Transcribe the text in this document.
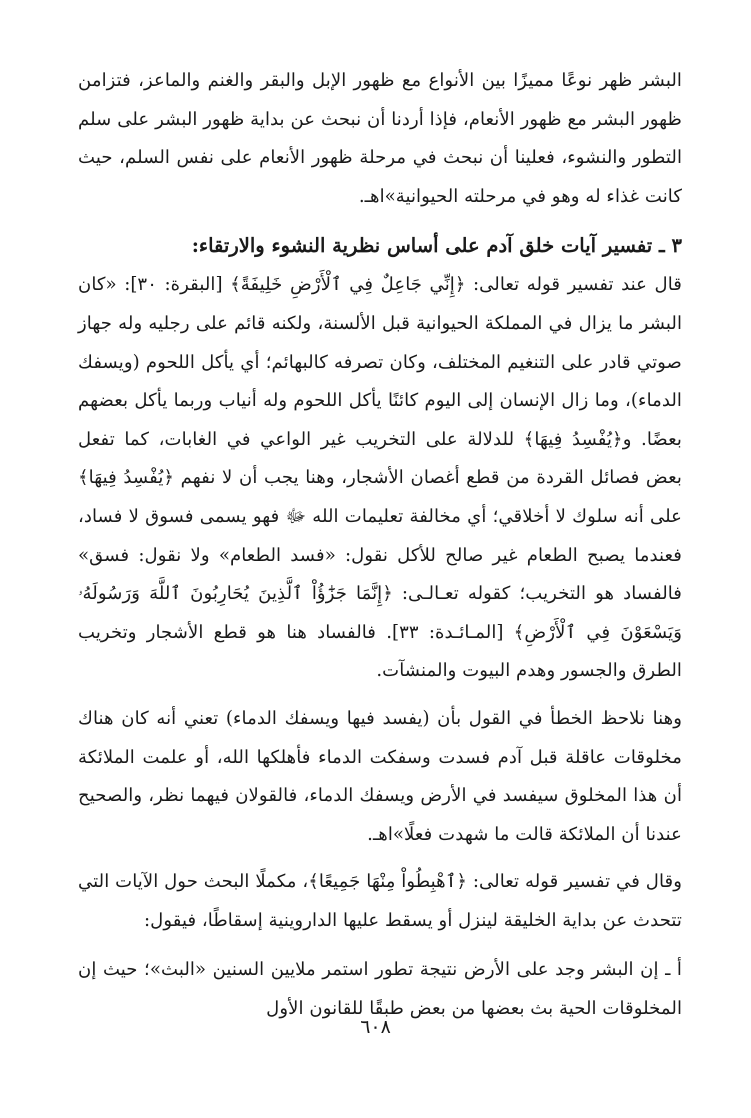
البشر ظهر نوعًا مميزًا بين الأنواع مع ظهور الإبل والبقر والغنم والماعز، فتزامن ظهور البشر مع ظهور الأنعام، فإذا أردنا أن نبحث عن بداية ظهور البشر على سلم التطور والنشوء، فعلينا أن نبحث في مرحلة ظهور الأنعام على نفس السلم، حيث كانت غذاء له وهو في مرحلته الحيوانية»اهـ.

٣ ـ تفسير آيات خلق آدم على أساس نظرية النشوء والارتقاء:

قال عند تفسير قوله تعالى: ﴿إِنِّي جَاعِلٌ فِي ٱلْأَرْضِ خَلِيفَةً﴾ [البقرة: ٣٠]: «كان البشر ما يزال في المملكة الحيوانية قبل الألسنة، ولكنه قائم على رجليه وله جهاز صوتي قادر على التنغيم المختلف، وكان تصرفه كالبهائم؛ أي يأكل اللحوم (ويسفك الدماء)، وما زال الإنسان إلى اليوم كائنًا يأكل اللحوم وله أنياب وربما يأكل بعضهم بعضًا. و﴿يُفْسِدُ فِيهَا﴾ للدلالة على التخريب غير الواعي في الغابات، كما تفعل بعض فصائل القردة من قطع أغصان الأشجار، وهنا يجب أن لا نفهم ﴿يُفْسِدُ فِيهَا﴾ على أنه سلوك لا أخلاقي؛ أي مخالفة تعليمات الله ﷻ فهو يسمى فسوق لا فساد، فعندما يصبح الطعام غير صالح للأكل نقول: «فسد الطعام» ولا نقول: فسق» فالفساد هو التخريب؛ كقوله تعـالـى: ﴿إِنَّمَا جَزَٰٓؤُاْ ٱلَّذِينَ يُحَارِبُونَ ٱللَّهَ وَرَسُولَهُۥ وَيَسْعَوْنَ فِي ٱلْأَرْضِ﴾ [المـائـدة: ٣٣]. فالفساد هنا هو قطع الأشجار وتخريب الطرق والجسور وهدم البيوت والمنشآت.

وهنا نلاحظ الخطأ في القول بأن (يفسد فيها ويسفك الدماء) تعني أنه كان هناك مخلوقات عاقلة قبل آدم فسدت وسفكت الدماء فأهلكها الله، أو علمت الملائكة أن هذا المخلوق سيفسد في الأرض ويسفك الدماء، فالقولان فيهما نظر، والصحيح عندنا أن الملائكة قالت ما شهدت فعلًا»اهـ.

وقال في تفسير قوله تعالى: ﴿ٱهْبِطُواْ مِنْهَا جَمِيعًا﴾، مكملًا البحث حول الآيات التي تتحدث عن بداية الخليقة لينزل أو يسقط عليها الداروينية إسقاطًا، فيقول:

أ ـ إن البشر وجد على الأرض نتيجة تطور استمر ملايين السنين «البث»؛ حيث إن المخلوقات الحية بث بعضها من بعض طبقًا للقانون الأول

٦٠٨
